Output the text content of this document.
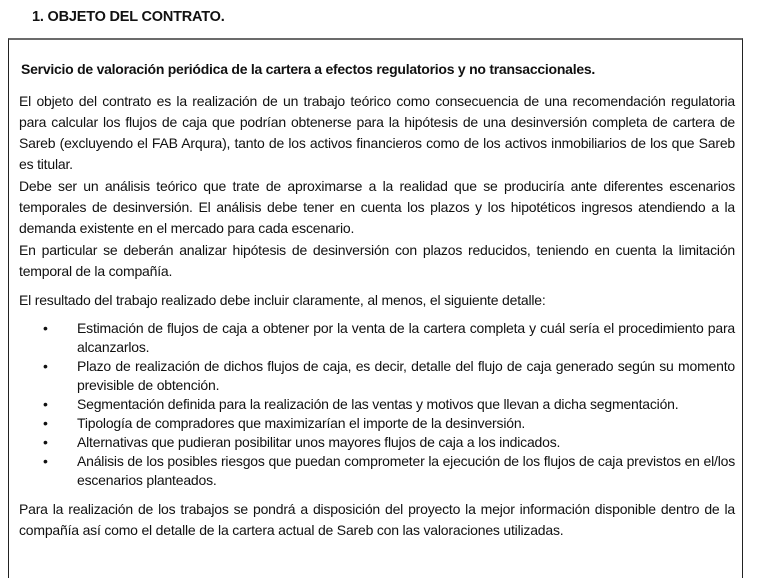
1. OBJETO DEL CONTRATO.

Servicio de valoración periódica de la cartera a efectos regulatorios y no transaccionales.

El objeto del contrato es la realización de un trabajo teórico como consecuencia de una recomendación regulatoria para calcular los flujos de caja que podrían obtenerse para la hipótesis de una desinversión completa de cartera de Sareb (excluyendo el FAB Arqura), tanto de los activos financieros como de los activos inmobiliarios de los que Sareb es titular.

Debe ser un análisis teórico que trate de aproximarse a la realidad que se produciría ante diferentes escenarios temporales de desinversión. El análisis debe tener en cuenta los plazos y los hipotéticos ingresos atendiendo a la demanda existente en el mercado para cada escenario.

En particular se deberán analizar hipótesis de desinversión con plazos reducidos, teniendo en cuenta la limitación temporal de la compañía.

El resultado del trabajo realizado debe incluir claramente, al menos, el siguiente detalle:

• Estimación de flujos de caja a obtener por la venta de la cartera completa y cuál sería el procedimiento para alcanzarlos.
• Plazo de realización de dichos flujos de caja, es decir, detalle del flujo de caja generado según su momento previsible de obtención.
• Segmentación definida para la realización de las ventas y motivos que llevan a dicha segmentación.
• Tipología de compradores que maximizarían el importe de la desinversión.
• Alternativas que pudieran posibilitar unos mayores flujos de caja a los indicados.
• Análisis de los posibles riesgos que puedan comprometer la ejecución de los flujos de caja previstos en el/los escenarios planteados.

Para la realización de los trabajos se pondrá a disposición del proyecto la mejor información disponible dentro de la compañía así como el detalle de la cartera actual de Sareb con las valoraciones utilizadas.
